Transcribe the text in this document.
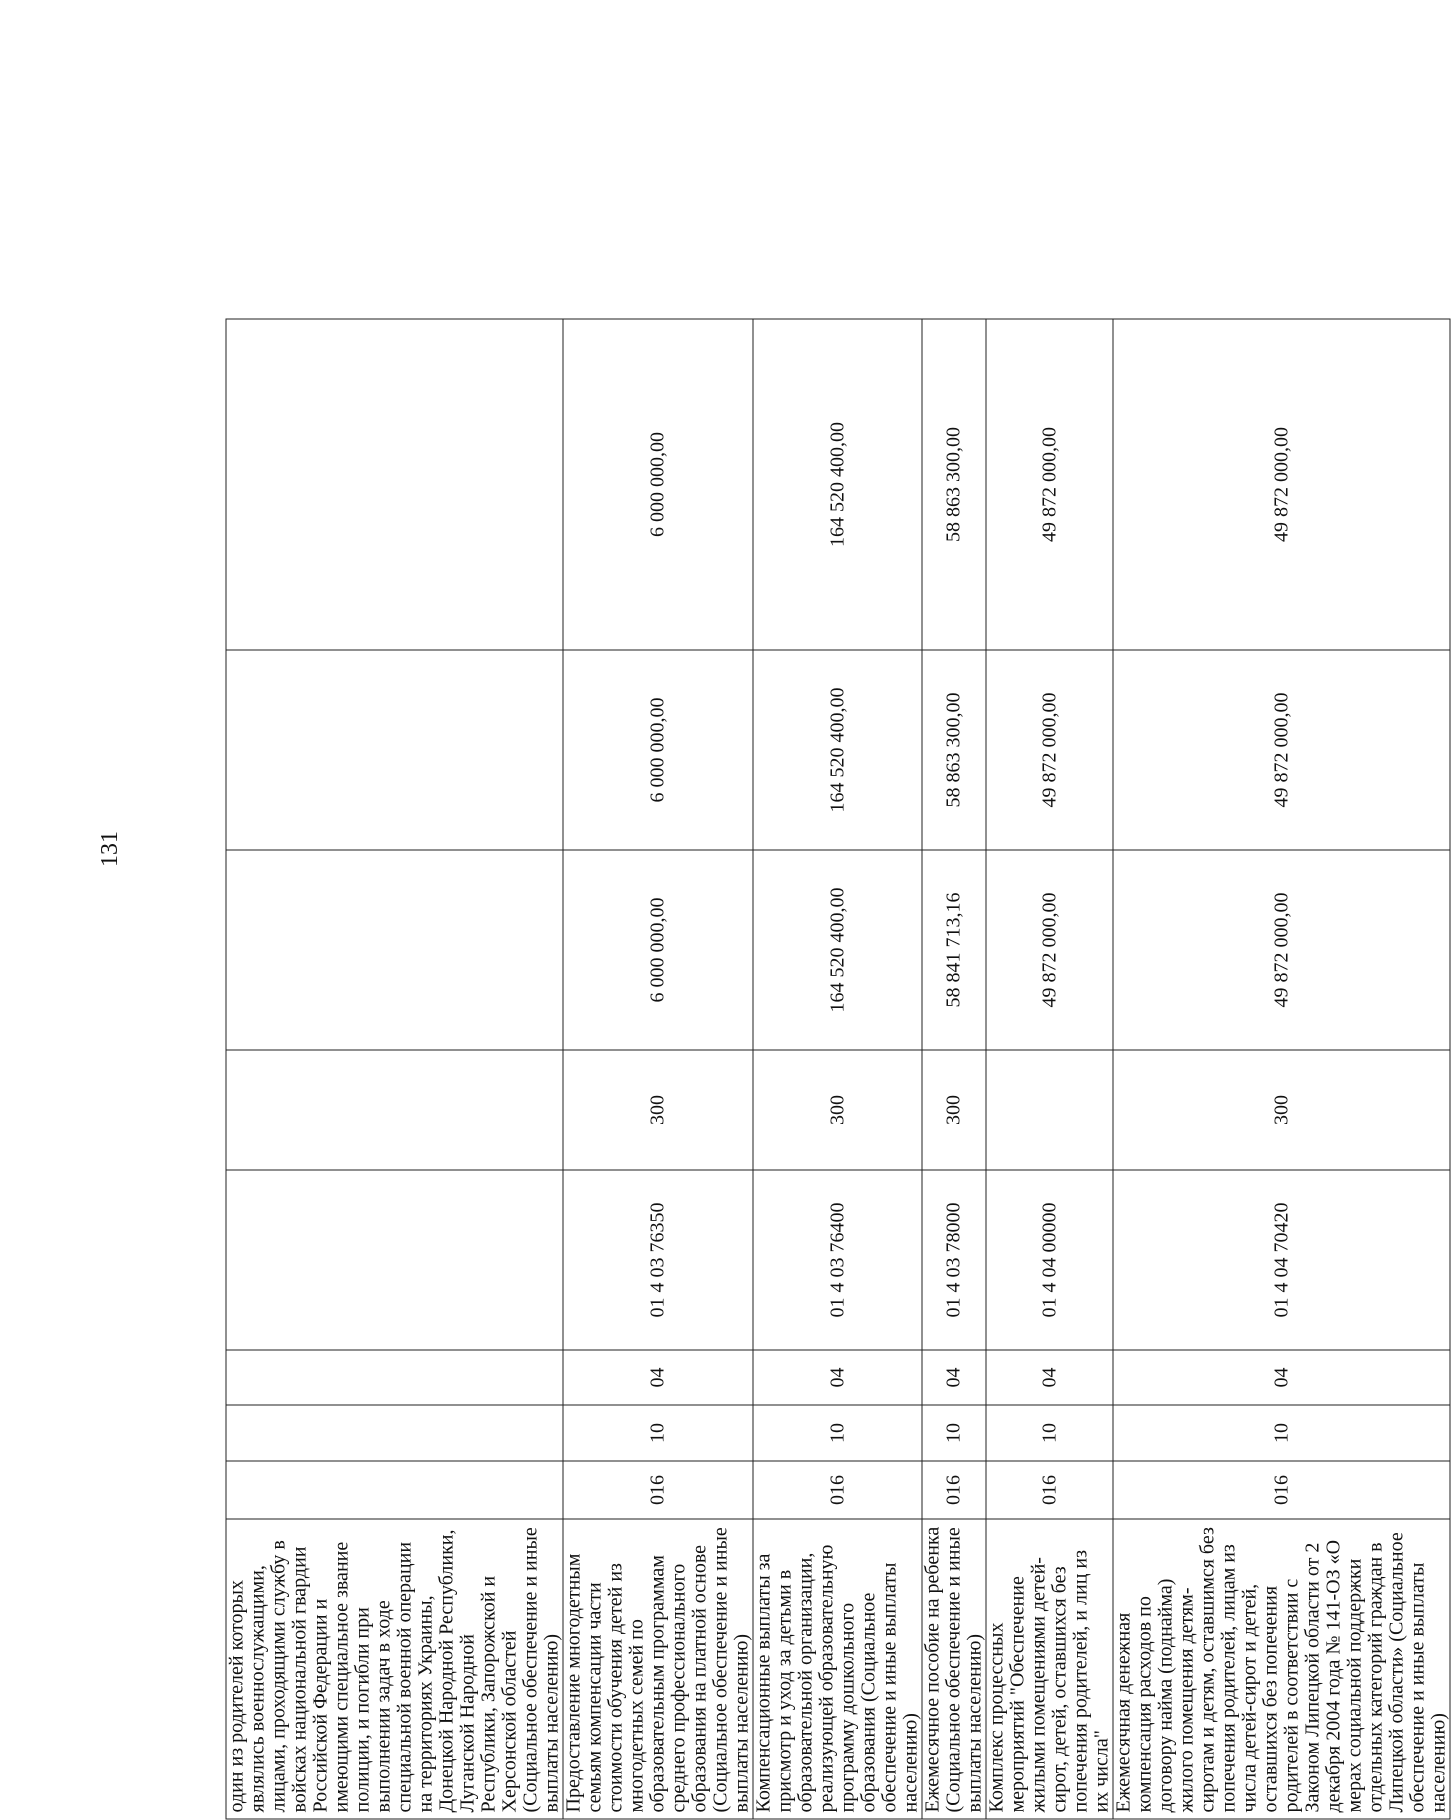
131
один из родителей которых являлись военнослужащими, лицами, проходящими службу в войсках национальной гвардии Российской Федерации и имеющими специальное звание полиции, и погибли при выполнении задач в ходе специальной военной операции на территориях Украины, Донецкой Народной Республики, Луганской Народной Республики, Запорожской и Херсонской областей (Социальное обеспечение и иные выплаты населению)								
Предоставление многодетным семьям компенсации части стоимости обучения детей из многодетных семей по образовательным программам среднего профессионального образования на платной основе (Социальное обеспечение и иные выплаты населению)	016	10	04	01 4 03 76350	300	6 000 000,00	6 000 000,00	6 000 000,00
Компенсационные выплаты за присмотр и уход за детьми в образовательной организации, реализующей образовательную программу дошкольного образования (Социальное обеспечение и иные выплаты населению)	016	10	04	01 4 03 76400	300	164 520 400,00	164 520 400,00	164 520 400,00
Ежемесячное пособие на ребенка (Социальное обеспечение и иные выплаты населению)	016	10	04	01 4 03 78000	300	58 841 713,16	58 863 300,00	58 863 300,00
Комплекс процессных мероприятий "Обеспечение жилыми помещениями детей-сирот, детей, оставшихся без попечения родителей, и лиц из их числа"	016	10	04	01 4 04 00000		49 872 000,00	49 872 000,00	49 872 000,00
Ежемесячная денежная компенсация расходов по договору найма (поднайма) жилого помещения детям-сиротам и детям, оставшимся без попечения родителей, лицам из числа детей-сирот и детей, оставшихся без попечения родителей в соответствии с Законом Липецкой области от 2 декабря 2004 года № 141-ОЗ «О мерах социальной поддержки отдельных категорий граждан в Липецкой области» (Социальное обеспечение и иные выплаты населению)	016	10	04	01 4 04 70420	300	49 872 000,00	49 872 000,00	49 872 000,00
